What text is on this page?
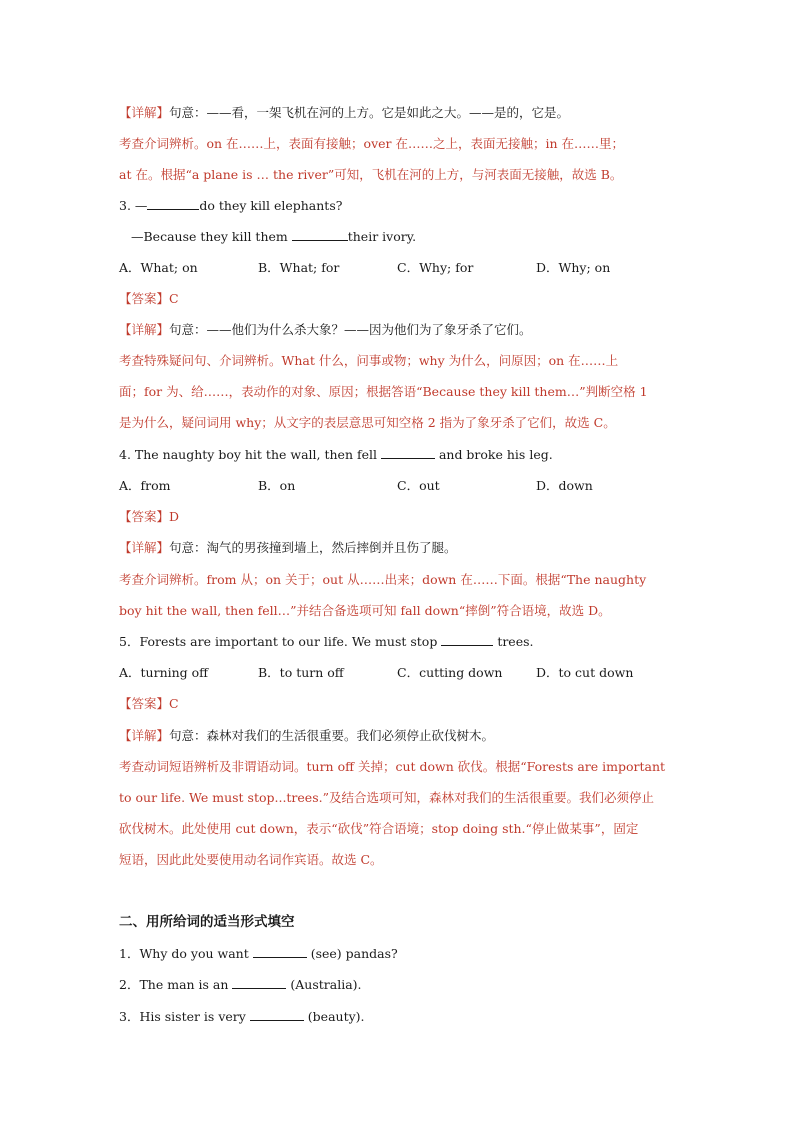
【详解】句意：——看，一架飞机在河的上方。它是如此之大。——是的，它是。
考查介词辨析。on 在……上，表面有接触；over 在……之上，表面无接触；in 在……里；
at 在。根据“a plane is … the river”可知，飞机在河的上方，与河表面无接触，故选 B。
3. —	do they kill elephants?
—Because they kill them	their ivory.
A．What; on	B．What; for	C．Why; for	D．Why; on
【答案】C
【详解】句意：——他们为什么杀大象？——因为他们为了象牙杀了它们。
考查特殊疑问句、介词辨析。What 什么，问事或物；why 为什么，问原因；on 在……上
面；for 为、给……，表动作的对象、原因；根据答语“Because they kill them…”判断空格 1
是为什么，疑问词用 why；从文字的表层意思可知空格 2 指为了象牙杀了它们，故选 C。
4. The naughty boy hit the wall, then fell	and broke his leg.
A．from	B．on	C．out	D．down
【答案】D
【详解】句意：淘气的男孩撞到墙上，然后摔倒并且伤了腿。
考查介词辨析。from 从；on 关于；out 从……出来；down 在……下面。根据“The naughty
boy hit the wall, then fell…”并结合备选项可知 fall down“摔倒”符合语境，故选 D。
5．Forests are important to our life. We must stop	trees.
A．turning off	B．to turn off	C．cutting down	D．to cut down
【答案】C
【详解】句意：森林对我们的生活很重要。我们必须停止砍伐树木。
考查动词短语辨析及非谓语动词。turn off 关掉；cut down 砍伐。根据“Forests are important
to our life. We must stop...trees.”及结合选项可知，森林对我们的生活很重要。我们必须停止
砍伐树木。此处使用 cut down，表示“砍伐”符合语境；stop doing sth.“停止做某事”，固定
短语，因此此处要使用动名词作宾语。故选 C。
二、用所给词的适当形式填空
1．Why do you want	(see) pandas?
2．The man is an	(Australia).
3．His sister is very	(beauty).
